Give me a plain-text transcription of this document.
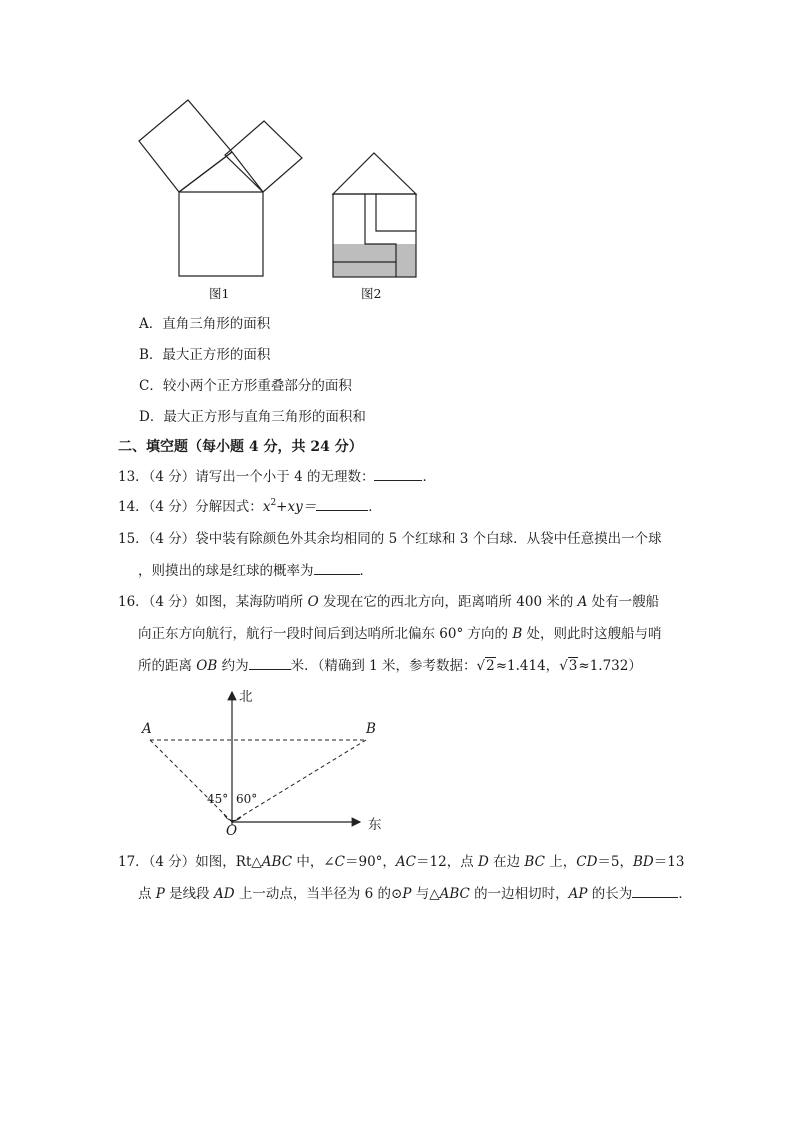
图1	图2
A．直角三角形的面积
B．最大正方形的面积
C．较小两个正方形重叠部分的面积
D．最大正方形与直角三角形的面积和
二、填空题（每小题 4 分，共 24 分）
13．（4 分）请写出一个小于 4 的无理数：	．
14．（4 分）分解因式：$x^2+xy=$	．
15．（4 分）袋中装有除颜色外其余均相同的 5 个红球和 3 个白球．从袋中任意摸出一个球
，则摸出的球是红球的概率为	．
16．（4 分）如图，某海防哨所 O 发现在它的西北方向，距离哨所 400 米的 A 处有一艘船
向正东方向航行，航行一段时间后到达哨所北偏东 60° 方向的 B 处，则此时这艘船与哨
所的距离 OB 约为	米．（精确到 1 米，参考数据：√2≈1.414，√3≈1.732）
北
A	B
45° 60°
O	东
17．（4 分）如图，Rt△ABC 中，∠C＝90°，AC＝12，点 D 在边 BC 上，CD＝5，BD＝13
点 P 是线段 AD 上一动点，当半径为 6 的⊙P 与△ABC 的一边相切时，AP 的长为	．
